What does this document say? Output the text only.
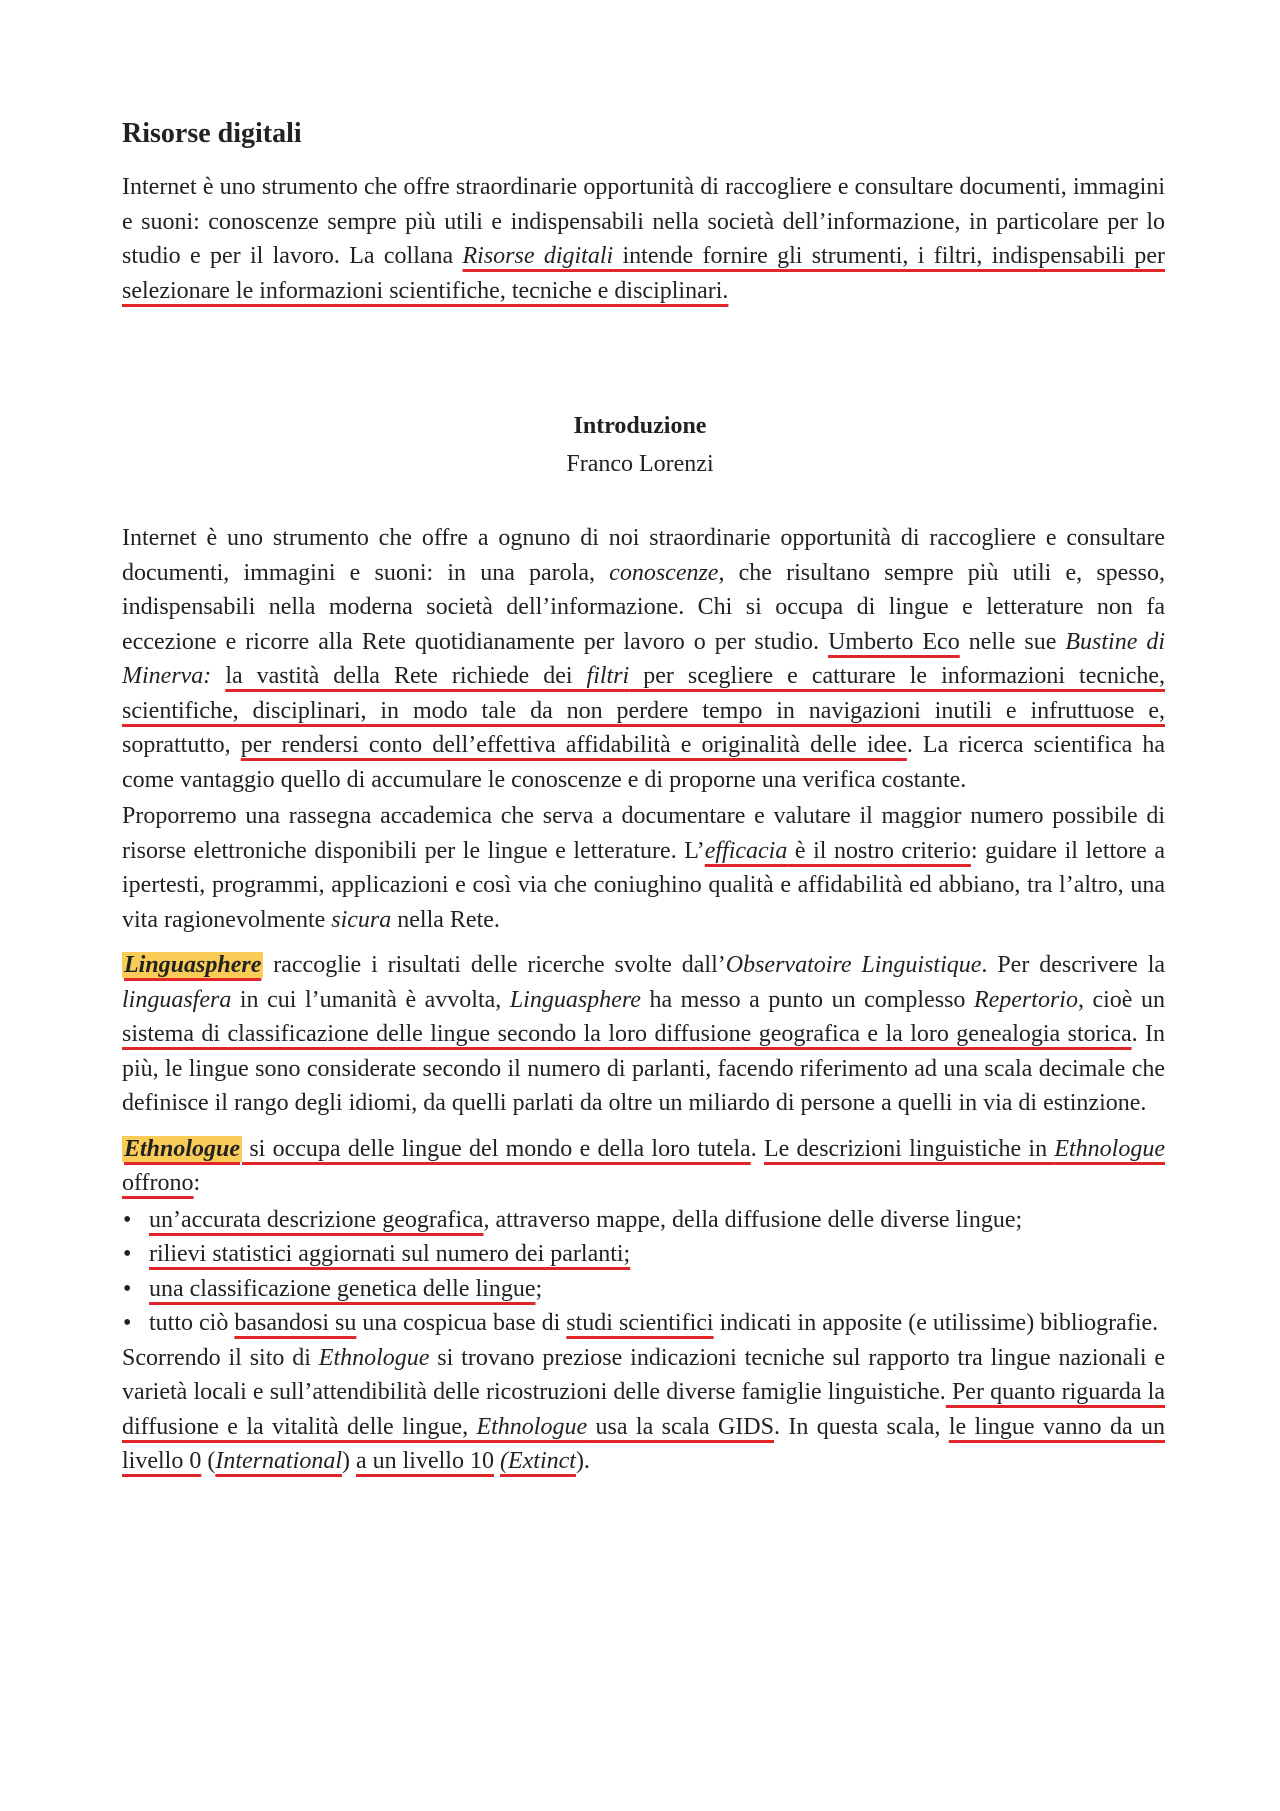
Risorse digitali

Internet è uno strumento che offre straordinarie opportunità di raccogliere e consultare documenti, immagini e suoni: conoscenze sempre più utili e indispensabili nella società dell’informazione, in particolare per lo studio e per il lavoro. La collana Risorse digitali intende fornire gli strumenti, i filtri, indispensabili per selezionare le informazioni scientifiche, tecniche e disciplinari.

Introduzione

Franco Lorenzi

Internet è uno strumento che offre a ognuno di noi straordinarie opportunità di raccogliere e consultare documenti, immagini e suoni: in una parola, conoscenze, che risultano sempre più utili e, spesso, indispensabili nella moderna società dell’informazione. Chi si occupa di lingue e letterature non fa eccezione e ricorre alla Rete quotidianamente per lavoro o per studio. Umberto Eco nelle sue Bustine di Minerva: la vastità della Rete richiede dei filtri per scegliere e catturare le informazioni tecniche, scientifiche, disciplinari, in modo tale da non perdere tempo in navigazioni inutili e infruttuose e, soprattutto, per rendersi conto dell’effettiva affidabilità e originalità delle idee. La ricerca scientifica ha come vantaggio quello di accumulare le conoscenze e di proporne una verifica costante.

Proporremo una rassegna accademica che serva a documentare e valutare il maggior numero possibile di risorse elettroniche disponibili per le lingue e letterature. L’efficacia è il nostro criterio: guidare il lettore a ipertesti, programmi, applicazioni e così via che coniughino qualità e affidabilità ed abbiano, tra l’altro, una vita ragionevolmente sicura nella Rete.

Linguasphere raccoglie i risultati delle ricerche svolte dall’Observatoire Linguistique. Per descrivere la linguasfera in cui l’umanità è avvolta, Linguasphere ha messo a punto un complesso Repertorio, cioè un sistema di classificazione delle lingue secondo la loro diffusione geografica e la loro genealogia storica. In più, le lingue sono considerate secondo il numero di parlanti, facendo riferimento ad una scala decimale che definisce il rango degli idiomi, da quelli parlati da oltre un miliardo di persone a quelli in via di estinzione.

Ethnologue si occupa delle lingue del mondo e della loro tutela. Le descrizioni linguistiche in Ethnologue offrono:

• un’accurata descrizione geografica, attraverso mappe, della diffusione delle diverse lingue;
• rilievi statistici aggiornati sul numero dei parlanti;
• una classificazione genetica delle lingue;
• tutto ciò basandosi su una cospicua base di studi scientifici indicati in apposite (e utilissime) bibliografie.

Scorrendo il sito di Ethnologue si trovano preziose indicazioni tecniche sul rapporto tra lingue nazionali e varietà locali e sull’attendibilità delle ricostruzioni delle diverse famiglie linguistiche. Per quanto riguarda la diffusione e la vitalità delle lingue, Ethnologue usa la scala GIDS. In questa scala, le lingue vanno da un livello 0 (International) a un livello 10 (Extinct).
